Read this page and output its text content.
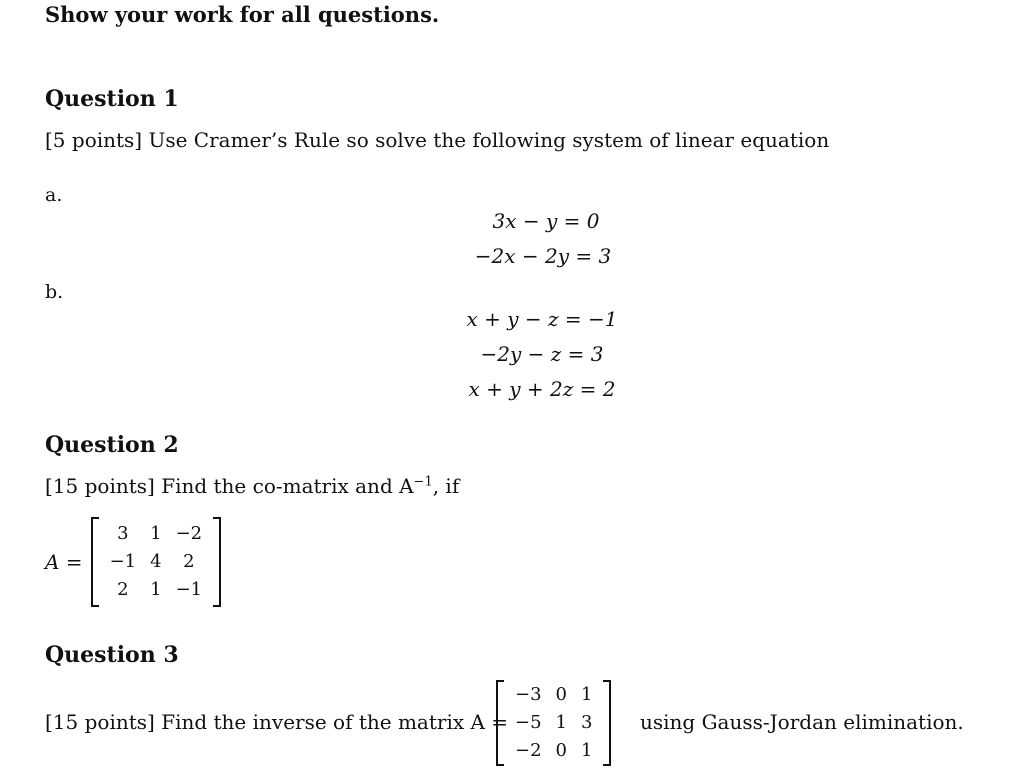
Show your work for all questions.
Question 1
[5 points] Use Cramer’s Rule so solve the following system of linear equation
a.
3x − y = 0
−2x − 2y = 3
b.
x + y − z = −1
−2y − z = 3
x + y + 2z = 2
Question 2
[15 points] Find the co-matrix and $A^{-1}$, if
A =
3	1	−2
−1	4	2
2	1	−1
Question 3
[15 points] Find the inverse of the matrix A =
−3	0	1
−5	1	3
−2	0	1
using Gauss-Jordan elimination.
